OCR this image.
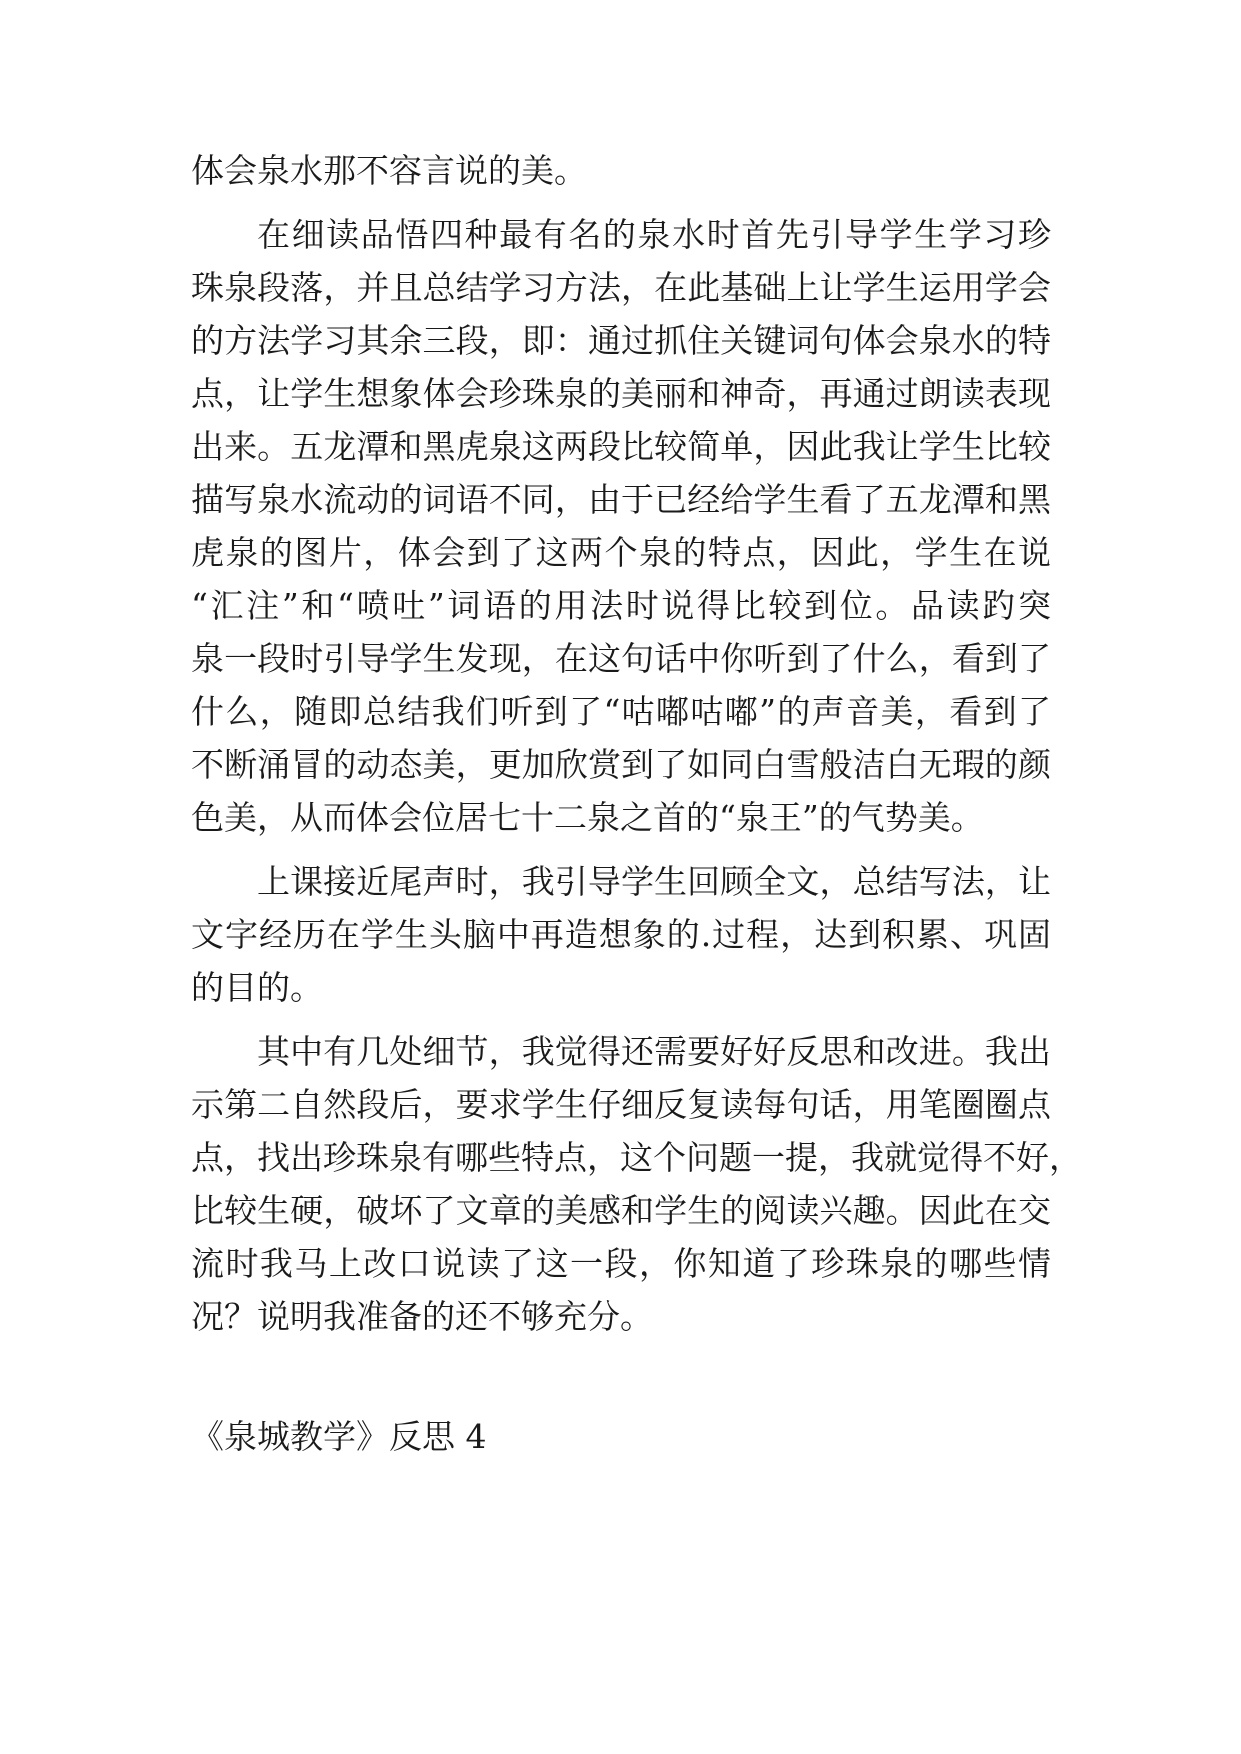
体会泉水那不容言说的美。
在细读品悟四种最有名的泉水时首先引导学生学习珍
珠泉段落，并且总结学习方法，在此基础上让学生运用学会
的方法学习其余三段，即：通过抓住关键词句体会泉水的特
点，让学生想象体会珍珠泉的美丽和神奇，再通过朗读表现
出来。五龙潭和黑虎泉这两段比较简单，因此我让学生比较
描写泉水流动的词语不同，由于已经给学生看了五龙潭和黑
虎泉的图片，体会到了这两个泉的特点，因此，学生在说
“汇注”和“喷吐”词语的用法时说得比较到位。品读趵突
泉一段时引导学生发现，在这句话中你听到了什么，看到了
什么，随即总结我们听到了“咕嘟咕嘟”的声音美，看到了
不断涌冒的动态美，更加欣赏到了如同白雪般洁白无瑕的颜
色美，从而体会位居七十二泉之首的“泉王”的气势美。
上课接近尾声时，我引导学生回顾全文，总结写法，让
文字经历在学生头脑中再造想象的.过程，达到积累、巩固
的目的。
其中有几处细节，我觉得还需要好好反思和改进。我出
示第二自然段后，要求学生仔细反复读每句话，用笔圈圈点
点，找出珍珠泉有哪些特点，这个问题一提，我就觉得不好，
比较生硬，破坏了文章的美感和学生的阅读兴趣。因此在交
流时我马上改口说读了这一段，你知道了珍珠泉的哪些情
况？说明我准备的还不够充分。
《泉城教学》反思 4
